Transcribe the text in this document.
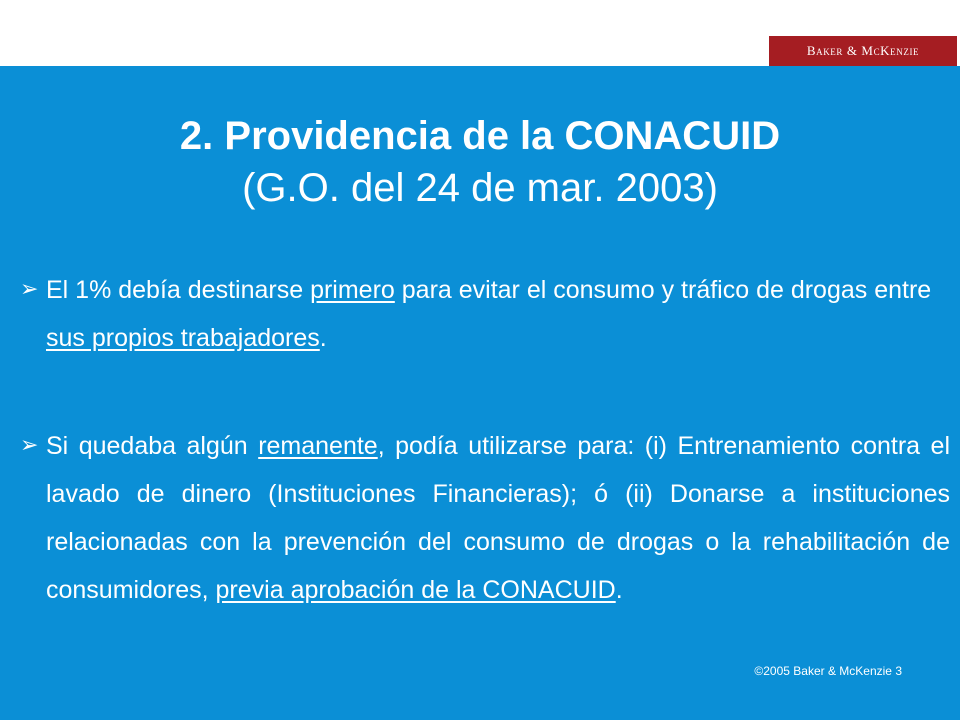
Baker & McKenzie
2. Providencia de la CONACUID
(G.O. del 24 de mar. 2003)
➢ El 1% debía destinarse primero para evitar el consumo y tráfico de drogas entre sus propios trabajadores.
➢ Si quedaba algún remanente, podía utilizarse para: (i) Entrenamiento contra el lavado de dinero (Instituciones Financieras); ó (ii) Donarse a instituciones relacionadas con la prevención del consumo de drogas o la rehabilitación de consumidores, previa aprobación de la CONACUID.
©2005 Baker & McKenzie 3
